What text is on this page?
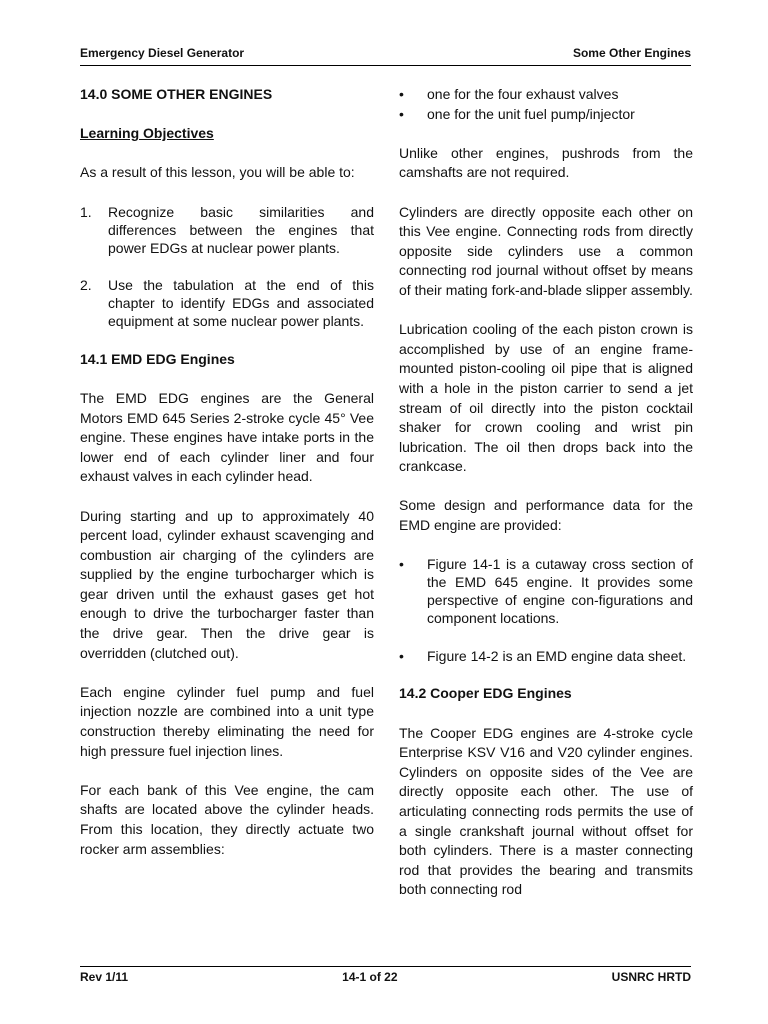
Emergency Diesel Generator	Some Other Engines
14.0 SOME OTHER ENGINES
Learning Objectives

As a result of this lesson, you will be able to:

1.	Recognize basic similarities and differences between the engines that power EDGs at nuclear power plants.
2.	Use the tabulation at the end of this chapter to identify EDGs and associated equipment at some nuclear power plants.
14.1 EMD EDG Engines

The EMD EDG engines are the General Motors EMD 645 Series 2-stroke cycle 45° Vee engine. These engines have intake ports in the lower end of each cylinder liner and four exhaust valves in each cylinder head.

During starting and up to approximately 40 percent load, cylinder exhaust scavenging and combustion air charging of the cylinders are supplied by the engine turbocharger which is gear driven until the exhaust gases get hot enough to drive the turbocharger faster than the drive gear. Then the drive gear is overridden (clutched out).

Each engine cylinder fuel pump and fuel injection nozzle are combined into a unit type construction thereby eliminating the need for high pressure fuel injection lines.

For each bank of this Vee engine, the cam shafts are located above the cylinder heads. From this location, they directly actuate two rocker arm assemblies:

•	one for the four exhaust valves
•	one for the unit fuel pump/injector

Unlike other engines, pushrods from the camshafts are not required.

Cylinders are directly opposite each other on this Vee engine. Connecting rods from directly opposite side cylinders use a common connecting rod journal without offset by means of their mating fork-and-blade slipper assembly.

Lubrication cooling of the each piston crown is accomplished by use of an engine frame-mounted piston-cooling oil pipe that is aligned with a hole in the piston carrier to send a jet stream of oil directly into the piston cocktail shaker for crown cooling and wrist pin lubrication. The oil then drops back into the crankcase.

Some design and performance data for the EMD engine are provided:

•	Figure 14-1 is a cutaway cross section of the EMD 645 engine. It provides some perspective of engine con-figurations and component locations.
•	Figure 14-2 is an EMD engine data sheet.
14.2 Cooper EDG Engines

The Cooper EDG engines are 4-stroke cycle Enterprise KSV V16 and V20 cylinder engines. Cylinders on opposite sides of the Vee are directly opposite each other. The use of articulating connecting rods permits the use of a single crankshaft journal without offset for both cylinders. There is a master connecting rod that provides the bearing and transmits both connecting rod

Rev 1/11	14-1 of 22	USNRC HRTD
